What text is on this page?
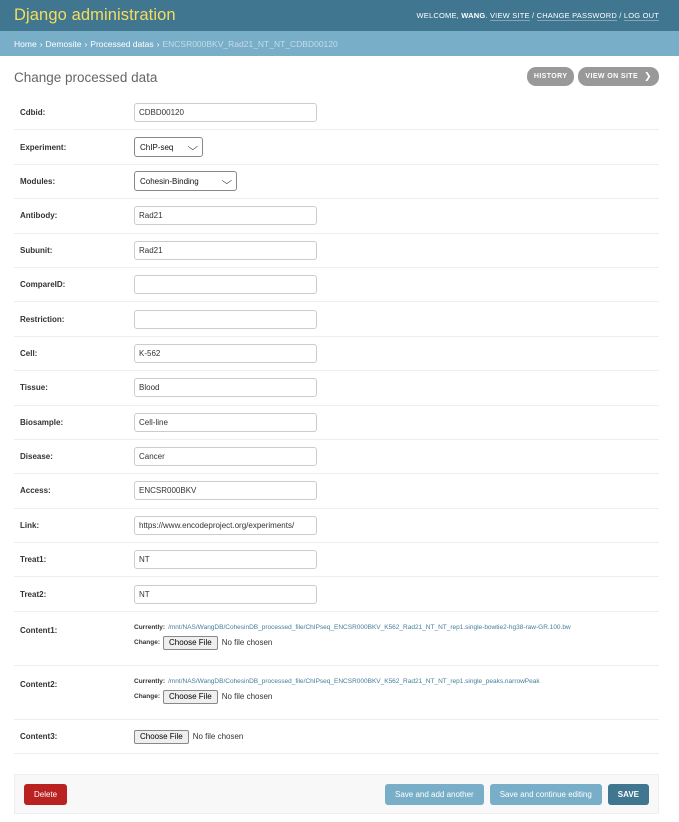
Django administration	WELCOME, WANG. VIEW SITE / CHANGE PASSWORD / LOG OUT
Home › Demosite › Processed datas › ENCSR000BKV_Rad21_NT_NT_CDBD00120
Change processed data	HISTORY	VIEW ON SITE ❯
Cdbid:
CDBD00120
Experiment:	ChIP-seq ⌵
Modules:	Cohesin-Binding ⌵
Antibody:
Rad21
Subunit:
Rad21
CompareID:
Restriction:
Cell:
K-562
Tissue:
Blood
Biosample:
Cell-line
Disease:
Cancer
Access:
ENCSR000BKV
Link:
https://www.encodeproject.org/experiments/
Treat1:
NT
Treat2:
NT
Content1:	Currently: /mnt/NAS/WangDB/CohesinDB_processed_file/ChIPseq_ENCSR000BKV_K562_Rad21_NT_NT_rep1.single-bowtie2-hg38-raw-GR.100.bw
Change:	Choose File	No file chosen
Content2:	Currently: /mnt/NAS/WangDB/CohesinDB_processed_file/ChIPseq_ENCSR000BKV_K562_Rad21_NT_NT_rep1.single_peaks.narrowPeak
Change:	Choose File	No file chosen
Content3:	Choose File	No file chosen
Delete	Save and add another	Save and continue editing	SAVE
